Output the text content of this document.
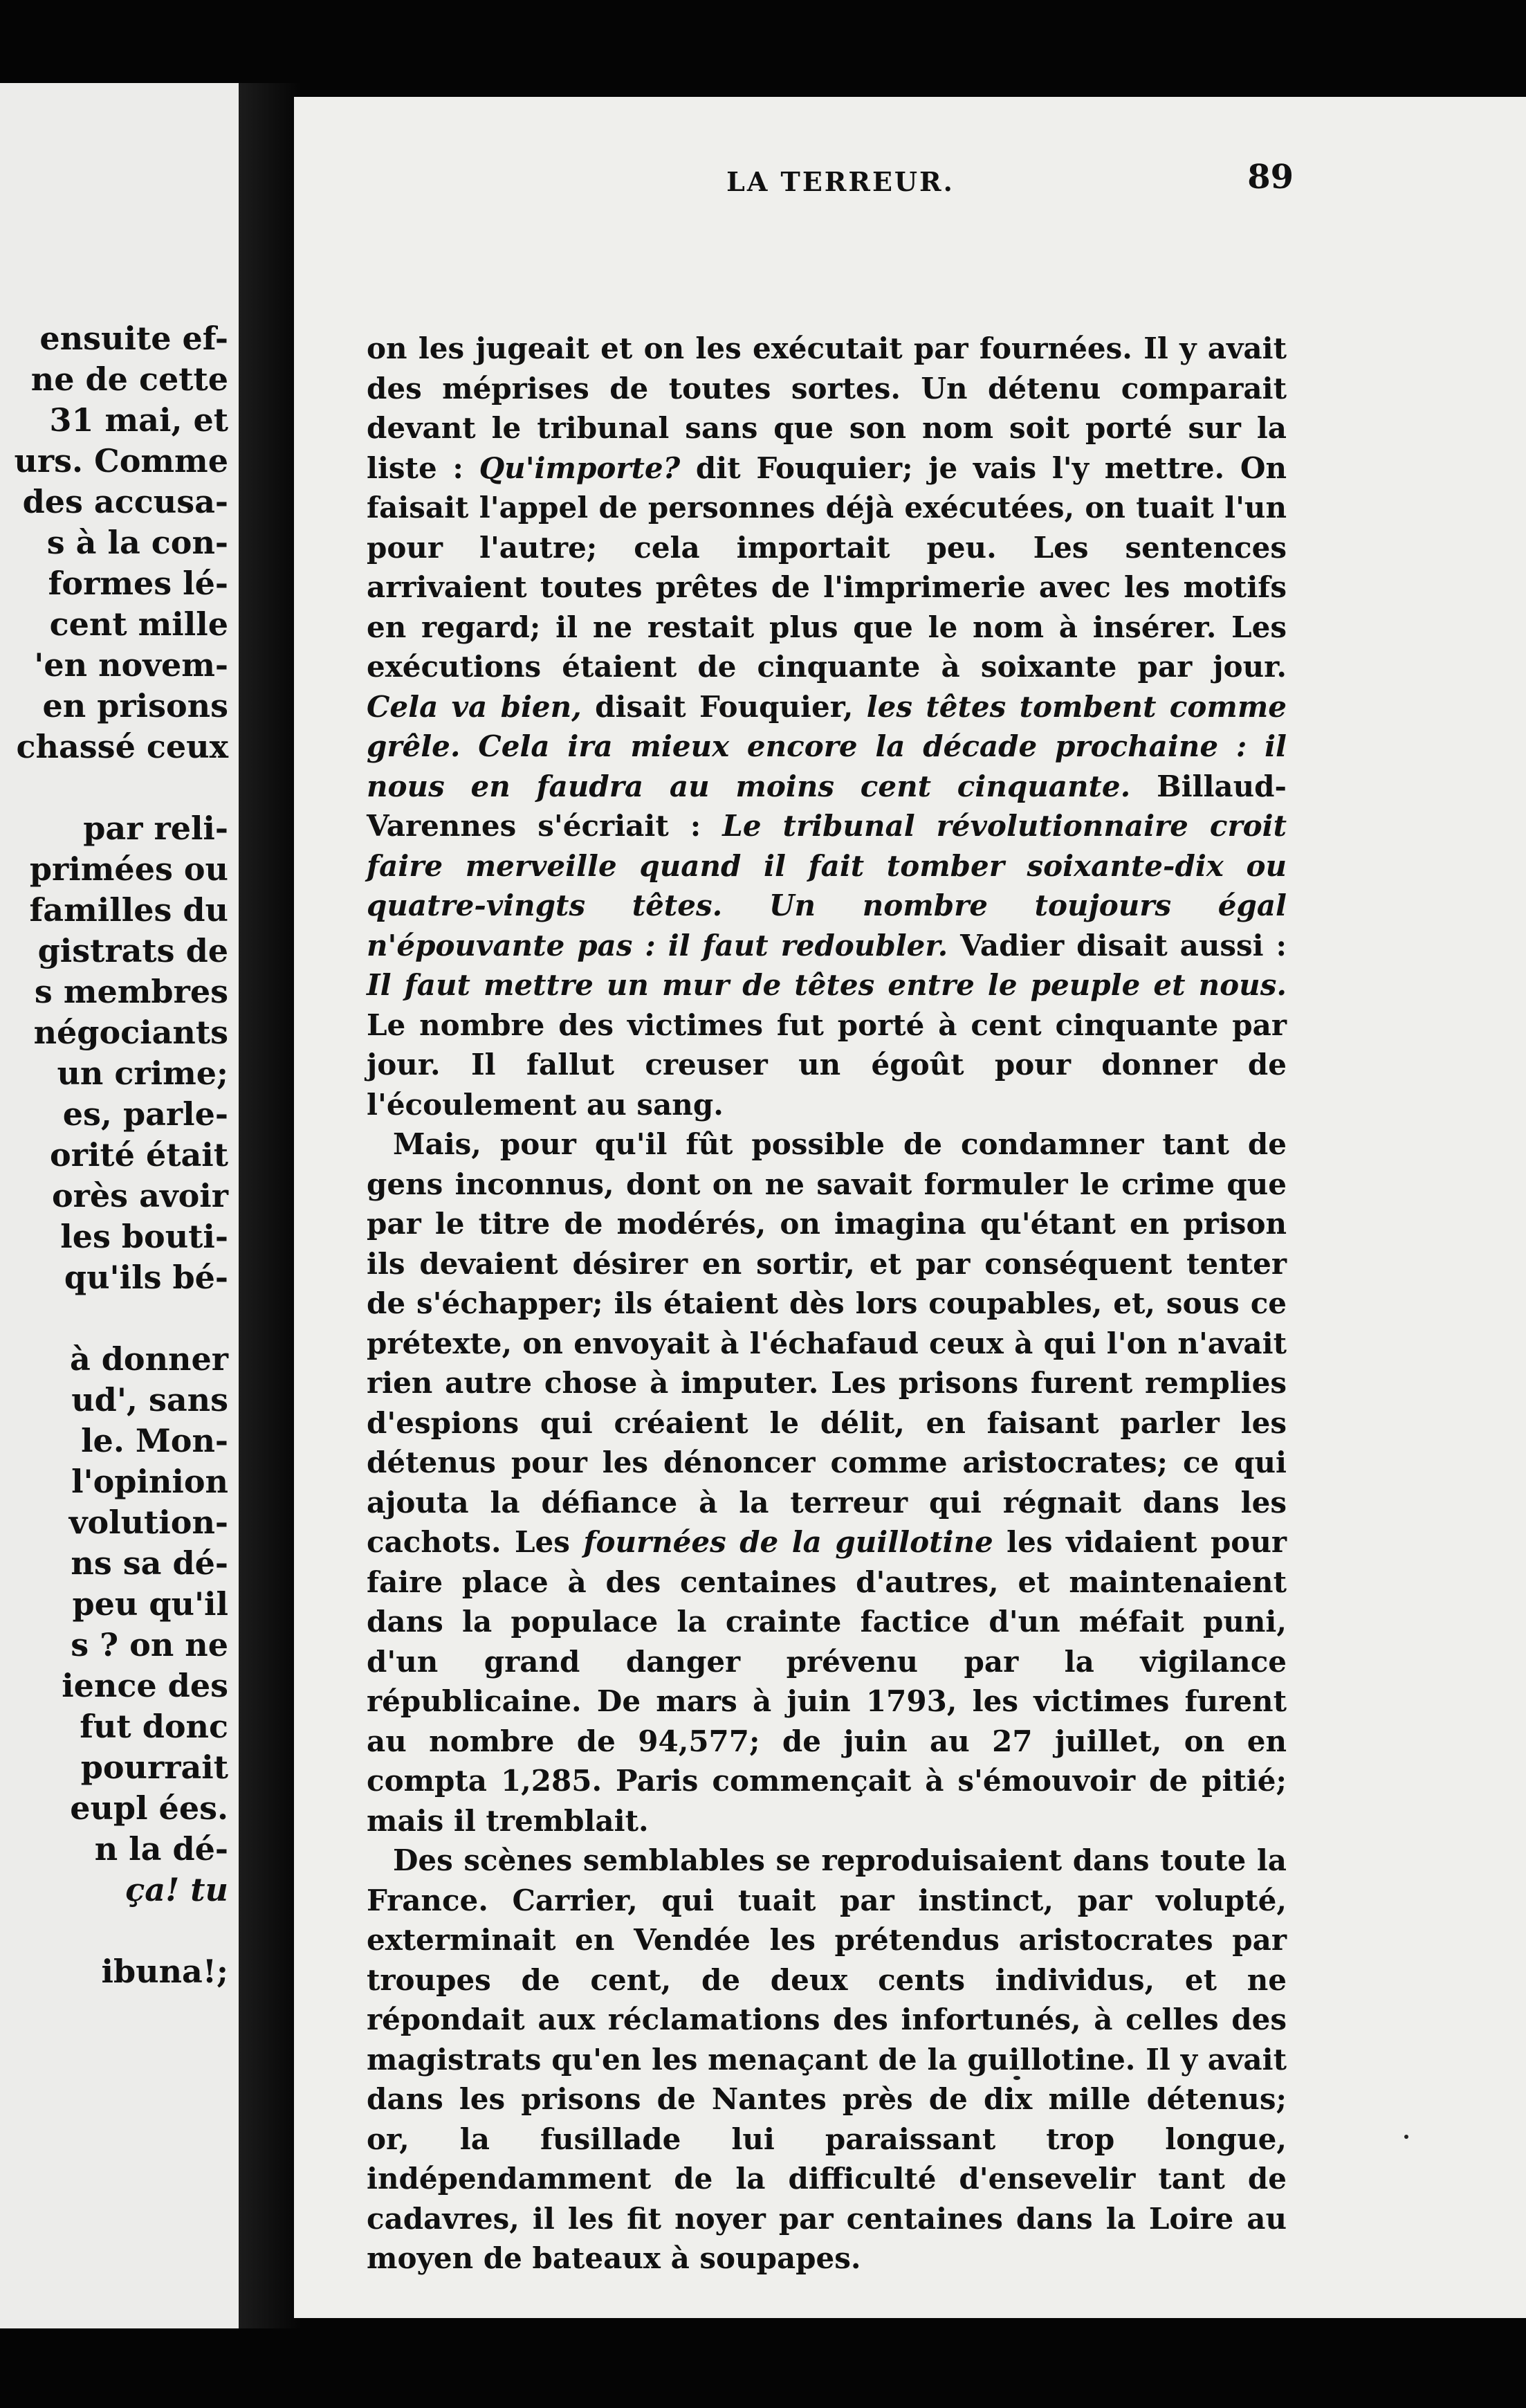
ensuite ef-
ne de cette
31 mai, et
urs. Comme
des accusa-
s à la con-
formes lé-
cent mille
'en novem-
en prisons
chassé ceux

par reli-
primées ou
familles du
gistrats de
s membres
négociants
un crime;
es, parle-
orité était
orès avoir
les bouti-
qu'ils bé-

à donner
ud', sans
le. Mon-
l'opinion
volution-
ns sa dé-
peu qu'il
s ? on ne
ience des
fut donc
pourrait
eupl ées.
n la dé-
ça! tu

ibuna!;
LA TERREUR.	89

on les jugeait et on les exécutait par fournées. Il y avait des méprises de toutes sortes. Un détenu comparait devant le tribunal sans que son nom soit porté sur la liste : Qu'importe? dit Fouquier; je vais l'y mettre. On faisait l'appel de personnes déjà exécutées, on tuait l'un pour l'autre; cela importait peu. Les sentences arrivaient toutes prêtes de l'imprimerie avec les motifs en regard; il ne restait plus que le nom à insérer. Les exécutions étaient de cinquante à soixante par jour. Cela va bien, disait Fouquier, les têtes tombent comme grêle. Cela ira mieux encore la décade prochaine : il nous en faudra au moins cent cinquante. Billaud- Varennes s'écriait : Le tribunal révolutionnaire croit faire merveille quand il fait tomber soixante-dix ou quatre-vingts têtes. Un nombre toujours égal n'épouvante pas : il faut redoubler. Vadier disait aussi : Il faut mettre un mur de têtes entre le peuple et nous. Le nombre des victimes fut porté à cent cinquante par jour. Il fallut creuser un égoût pour donner de l'écoulement au sang.

Mais, pour qu'il fût possible de condamner tant de gens inconnus, dont on ne savait formuler le crime que par le titre de modérés, on imagina qu'étant en prison ils devaient désirer en sortir, et par conséquent tenter de s'échapper; ils étaient dès lors coupables, et, sous ce prétexte, on envoyait à l'échafaud ceux à qui l'on n'avait rien autre chose à imputer. Les prisons furent remplies d'espions qui créaient le délit, en faisant parler les détenus pour les dénoncer comme aristocrates; ce qui ajouta la défiance à la terreur qui régnait dans les cachots. Les fournées de la guillotine les vidaient pour faire place à des centaines d'autres, et maintenaient dans la populace la crainte factice d'un méfait puni, d'un grand danger prévenu par la vigilance républicaine. De mars à juin 1793, les victimes furent au nombre de 94,577; de juin au 27 juillet, on en compta 1,285. Paris commençait à s'émouvoir de pitié; mais il tremblait.

Des scènes semblables se reproduisaient dans toute la France. Carrier, qui tuait par instinct, par volupté, exterminait en Vendée les prétendus aristocrates par troupes de cent, de deux cents individus, et ne répondait aux réclamations des infortunés, à celles des magistrats qu'en les menaçant de la guillotine. Il y avait dans les prisons de Nantes près de dix mille détenus; or, la fusillade lui paraissant trop longue, indépendamment de la difficulté d'ensevelir tant de cadavres, il les fit noyer par centaines dans la Loire au moyen de bateaux à soupapes.
